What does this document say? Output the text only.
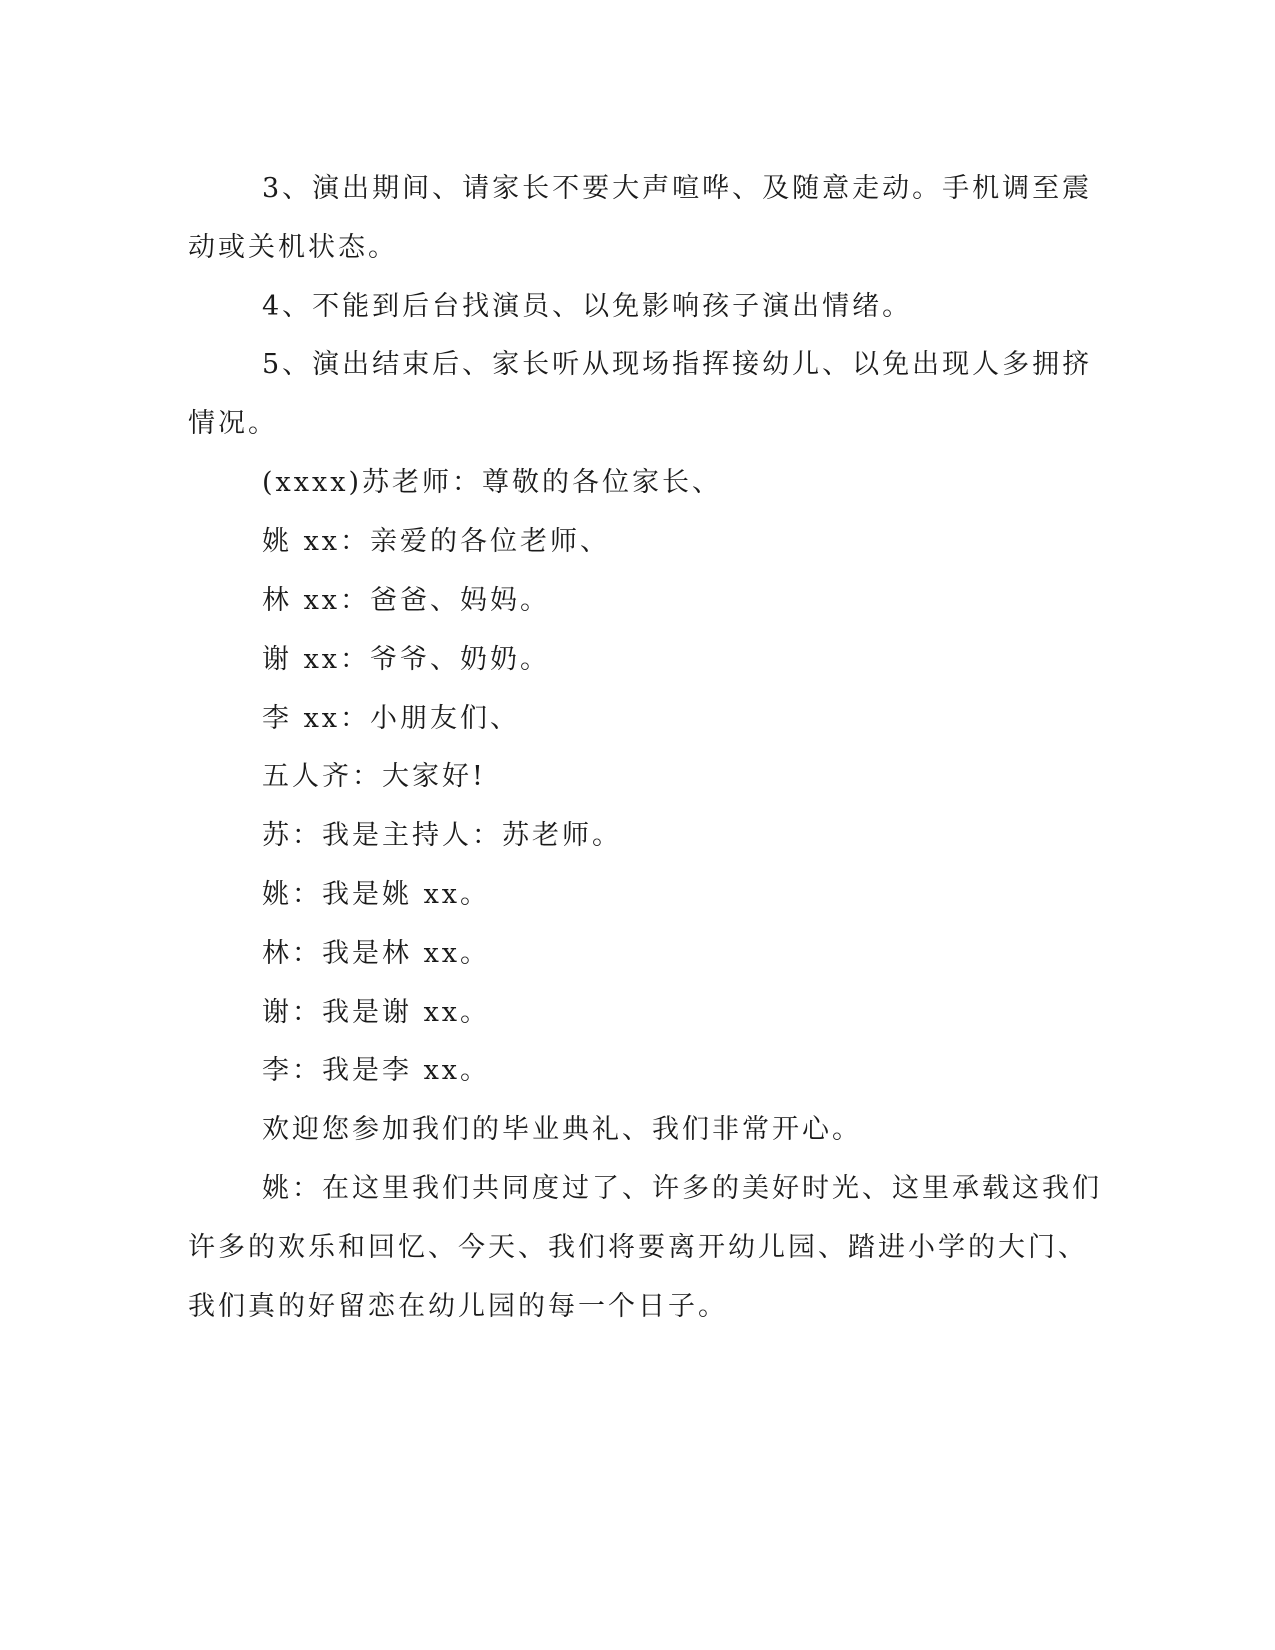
3、演出期间、请家长不要大声喧哗、及随意走动。手机调至震
动或关机状态。
4、不能到后台找演员、以免影响孩子演出情绪。
5、演出结束后、家长听从现场指挥接幼儿、以免出现人多拥挤
情况。
(xxxx)苏老师：尊敬的各位家长、
姚 xx：亲爱的各位老师、
林 xx：爸爸、妈妈。
谢 xx：爷爷、奶奶。
李 xx：小朋友们、
五人齐：大家好!
苏：我是主持人：苏老师。
姚：我是姚 xx。
林：我是林 xx。
谢：我是谢 xx。
李：我是李 xx。
欢迎您参加我们的毕业典礼、我们非常开心。
姚：在这里我们共同度过了、许多的美好时光、这里承载这我们
许多的欢乐和回忆、今天、我们将要离开幼儿园、踏进小学的大门、
我们真的好留恋在幼儿园的每一个日子。
